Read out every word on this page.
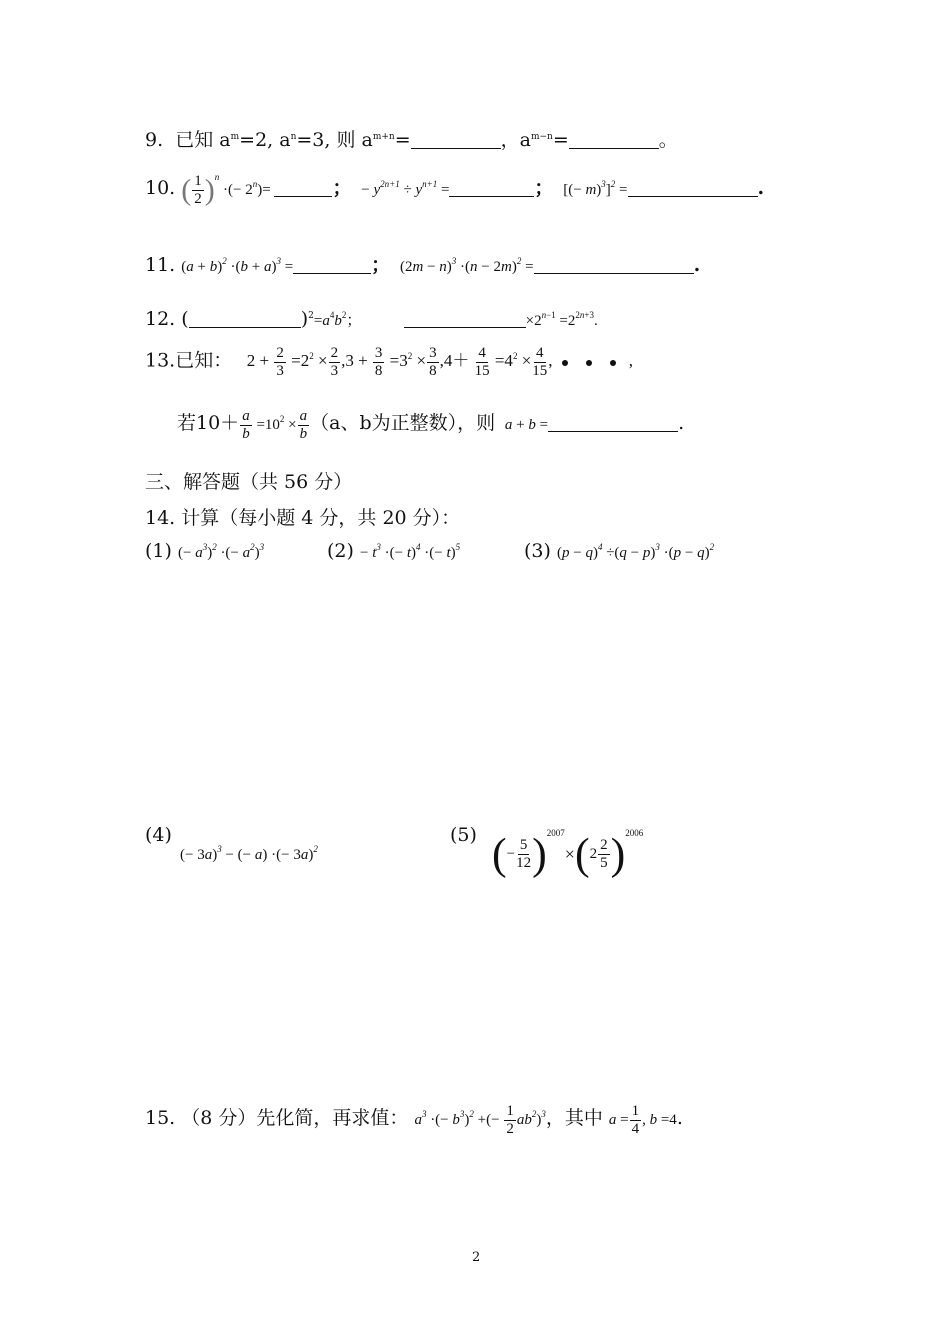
9. 已知 $a^m=2$, $a^n=3$, 则 $a^{m+n}=$	，$a^{m-n}=$	。
10. ( $\frac{1}{2} )^n$ ·(− $2^n)=$	； − $y^{2n+1} \div y^{n+1}$ =	； [(− m)$^3$]$^2$ =	.
11. $(a + b)^2 \cdot(b + a)^3$ =	； $(2m - n)^3 \cdot(n - 2m)^2$ =	.
12. (	)$^2=a^4b^2$；	$\times 2^{n-1} =2^{2n+3}$.
13.已知：   $2 + \frac{2}{3} =2^2 \times \frac{2}{3} ,3 + \frac{3}{8} =3^2 \times \frac{3}{8} ,4+ \frac{4}{15} =4^2 \times \frac{4}{15}$ ,	,
若$10+ \frac{a}{b} =10^2 \times \frac{a}{b} (a$、b为正整数），则  a + b =	.
三、解答题（共 56 分）
14. 计算（每小题 4 分，共 20 分）：
(1) (− $a^3)^2$ ·(− $a^2)^3$	$(2) - t^3$ ·(− t)$^4$ ·(− t)$^5$	(3) $(p - q)^4 \div(q - p)^3 \cdot(p - q)^2$
(4)
$^{(- 3a)^3 - (- a) \cdot(- 3a)^2}$
(5) (− $\frac{5}{12} )^{2007}\times(2 \frac{2}{5} )^{2006}$
15. （8 分）先化简，再求值： $a^3$ ·(− $b^3)^2$ +(− $\frac{1}{2} ab^2)^3$，其中 $a = \frac{1}{4}$ , b =4.
2
